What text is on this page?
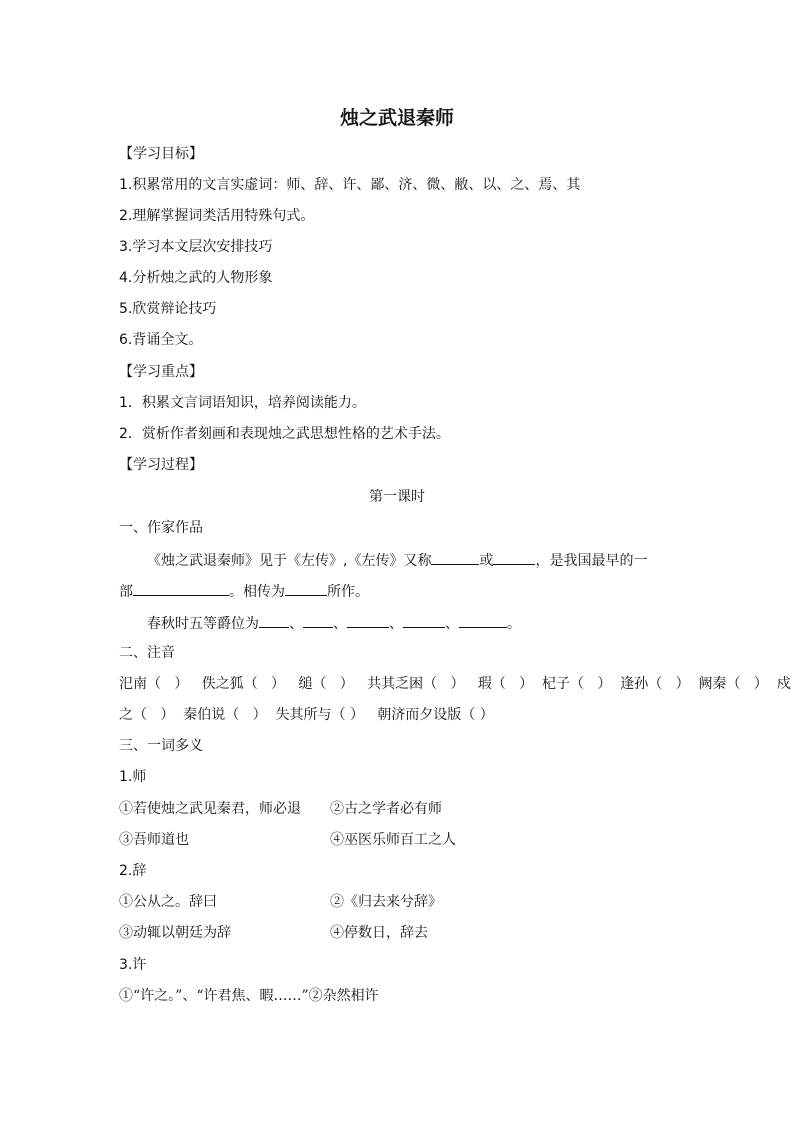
烛之武退秦师

【学习目标】

1.积累常用的文言实虚词：师、辞、许、鄙、济、微、敝、以、之、焉、其

2.理解掌握词类活用特殊句式。

3.学习本文层次安排技巧

4.分析烛之武的人物形象

5.欣赏辩论技巧

6.背诵全文。

【学习重点】

1．积累文言词语知识，培养阅读能力。

2．赏析作者刻画和表现烛之武思想性格的艺术手法。

【学习过程】

第一课时

一、作家作品

《烛之武退秦师》见于《左传》,《左传》又称	或	，是我国最早的一

部	。相传为	所作。

春秋时五等爵位为 、 、	、	、	。

二、注音

汜南（   ）   佚之狐（   ）   缒（   ）   共其乏困（   ）   瑕（   ）  杞子（   ）  逢孙（   ）  阙秦（   ）  戍

之（   ）  秦伯说（   ）  失其所与（ ）   朝济而夕设版（ ）

三、一词多义

1.师

①若使烛之武见秦君，师必退 ②古之学者必有师

③吾师道也	④巫医乐师百工之人

2.辞

①公从之。辞曰	②《归去来兮辞》

③动辄以朝廷为辞	④停数日，辞去

3.许

①“许之。”、“许君焦、暇……”②杂然相许
